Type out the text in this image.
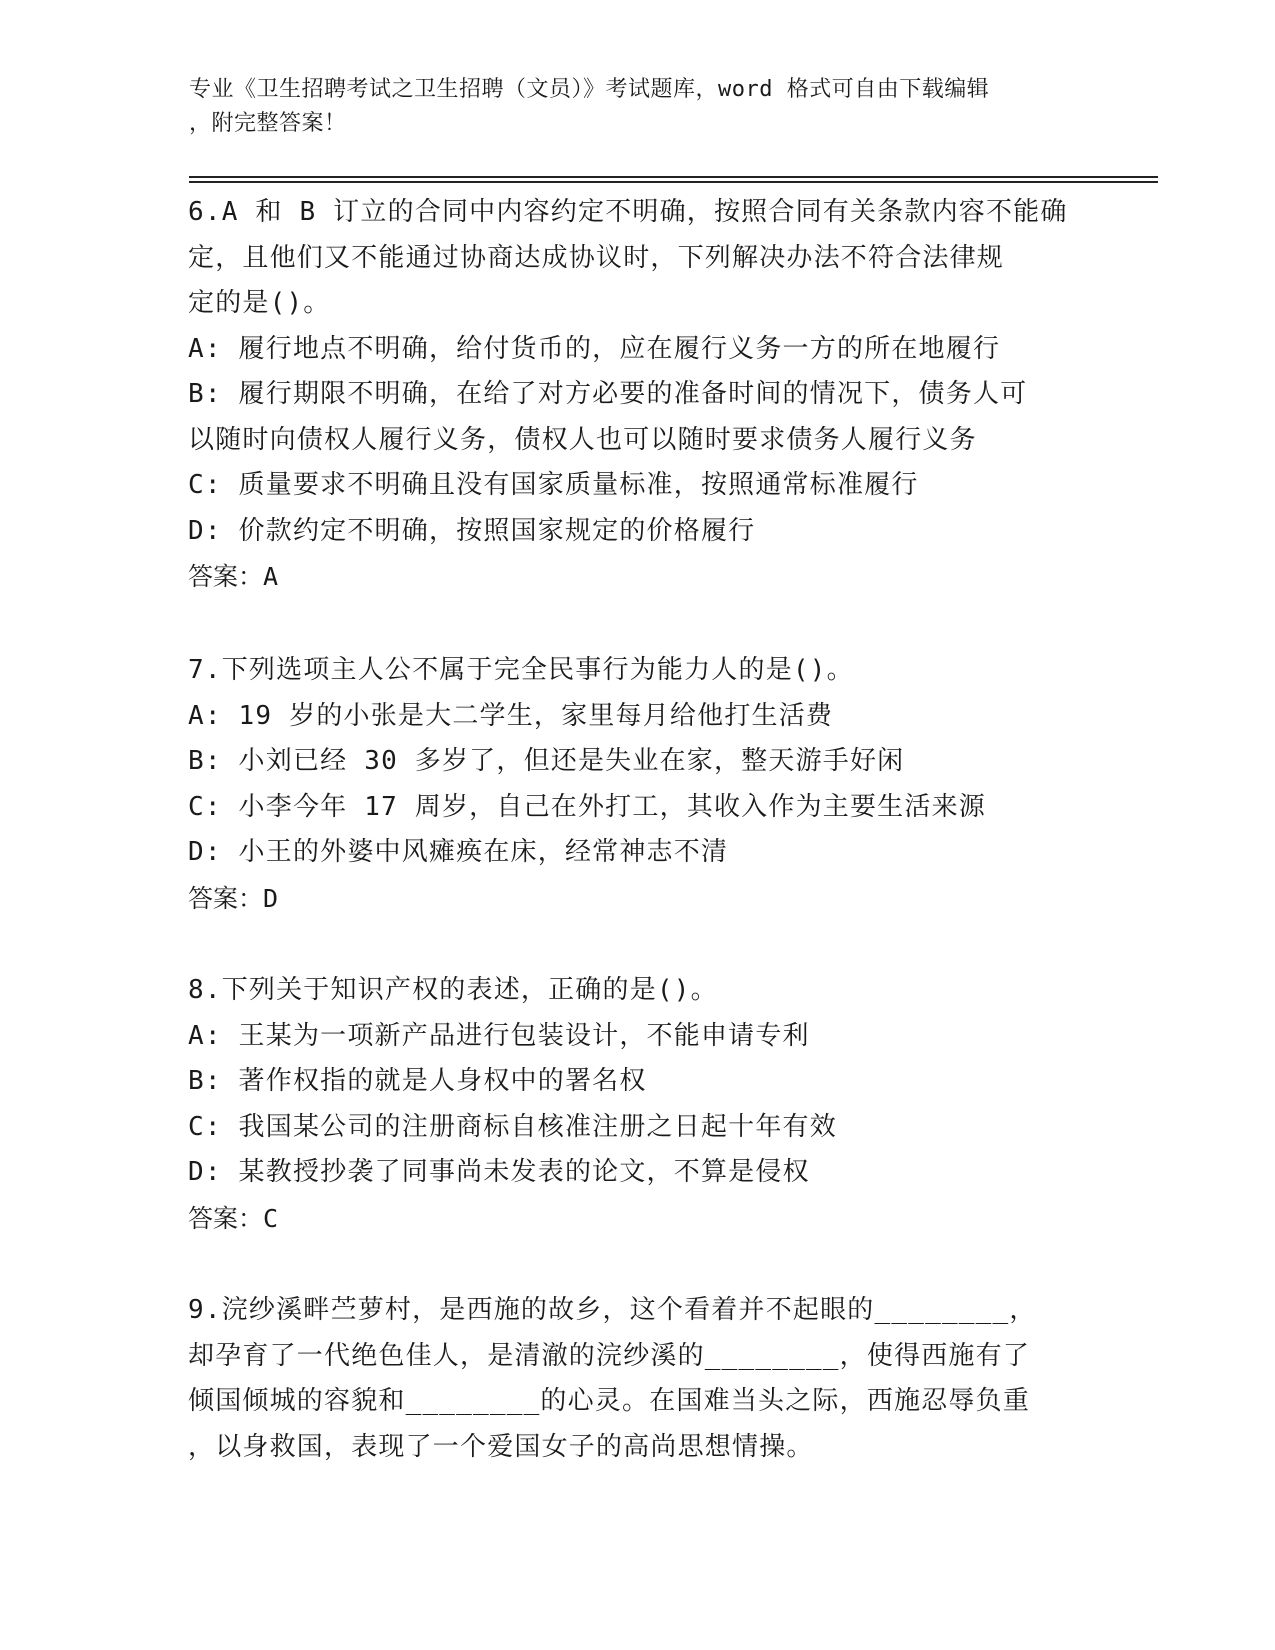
专业《卫生招聘考试之卫生招聘（文员）》考试题库，word 格式可自由下载编辑
，附完整答案！
6.A 和 B 订立的合同中内容约定不明确，按照合同有关条款内容不能确
定，且他们又不能通过协商达成协议时，下列解决办法不符合法律规
定的是()。
A: 履行地点不明确，给付货币的，应在履行义务一方的所在地履行
B: 履行期限不明确，在给了对方必要的准备时间的情况下，债务人可
以随时向债权人履行义务，债权人也可以随时要求债务人履行义务
C: 质量要求不明确且没有国家质量标准，按照通常标准履行
D: 价款约定不明确，按照国家规定的价格履行
答案：A
7.下列选项主人公不属于完全民事行为能力人的是()。
A: 19 岁的小张是大二学生，家里每月给他打生活费
B: 小刘已经 30 多岁了，但还是失业在家，整天游手好闲
C: 小李今年 17 周岁，自己在外打工，其收入作为主要生活来源
D: 小王的外婆中风瘫痪在床，经常神志不清
答案：D
8.下列关于知识产权的表述，正确的是()。
A: 王某为一项新产品进行包装设计，不能申请专利
B: 著作权指的就是人身权中的署名权
C: 我国某公司的注册商标自核准注册之日起十年有效
D: 某教授抄袭了同事尚未发表的论文，不算是侵权
答案：C
9.浣纱溪畔苎萝村，是西施的故乡，这个看着并不起眼的________，
却孕育了一代绝色佳人，是清澈的浣纱溪的________，使得西施有了
倾国倾城的容貌和________的心灵。在国难当头之际，西施忍辱负重
，以身救国，表现了一个爱国女子的高尚思想情操。
